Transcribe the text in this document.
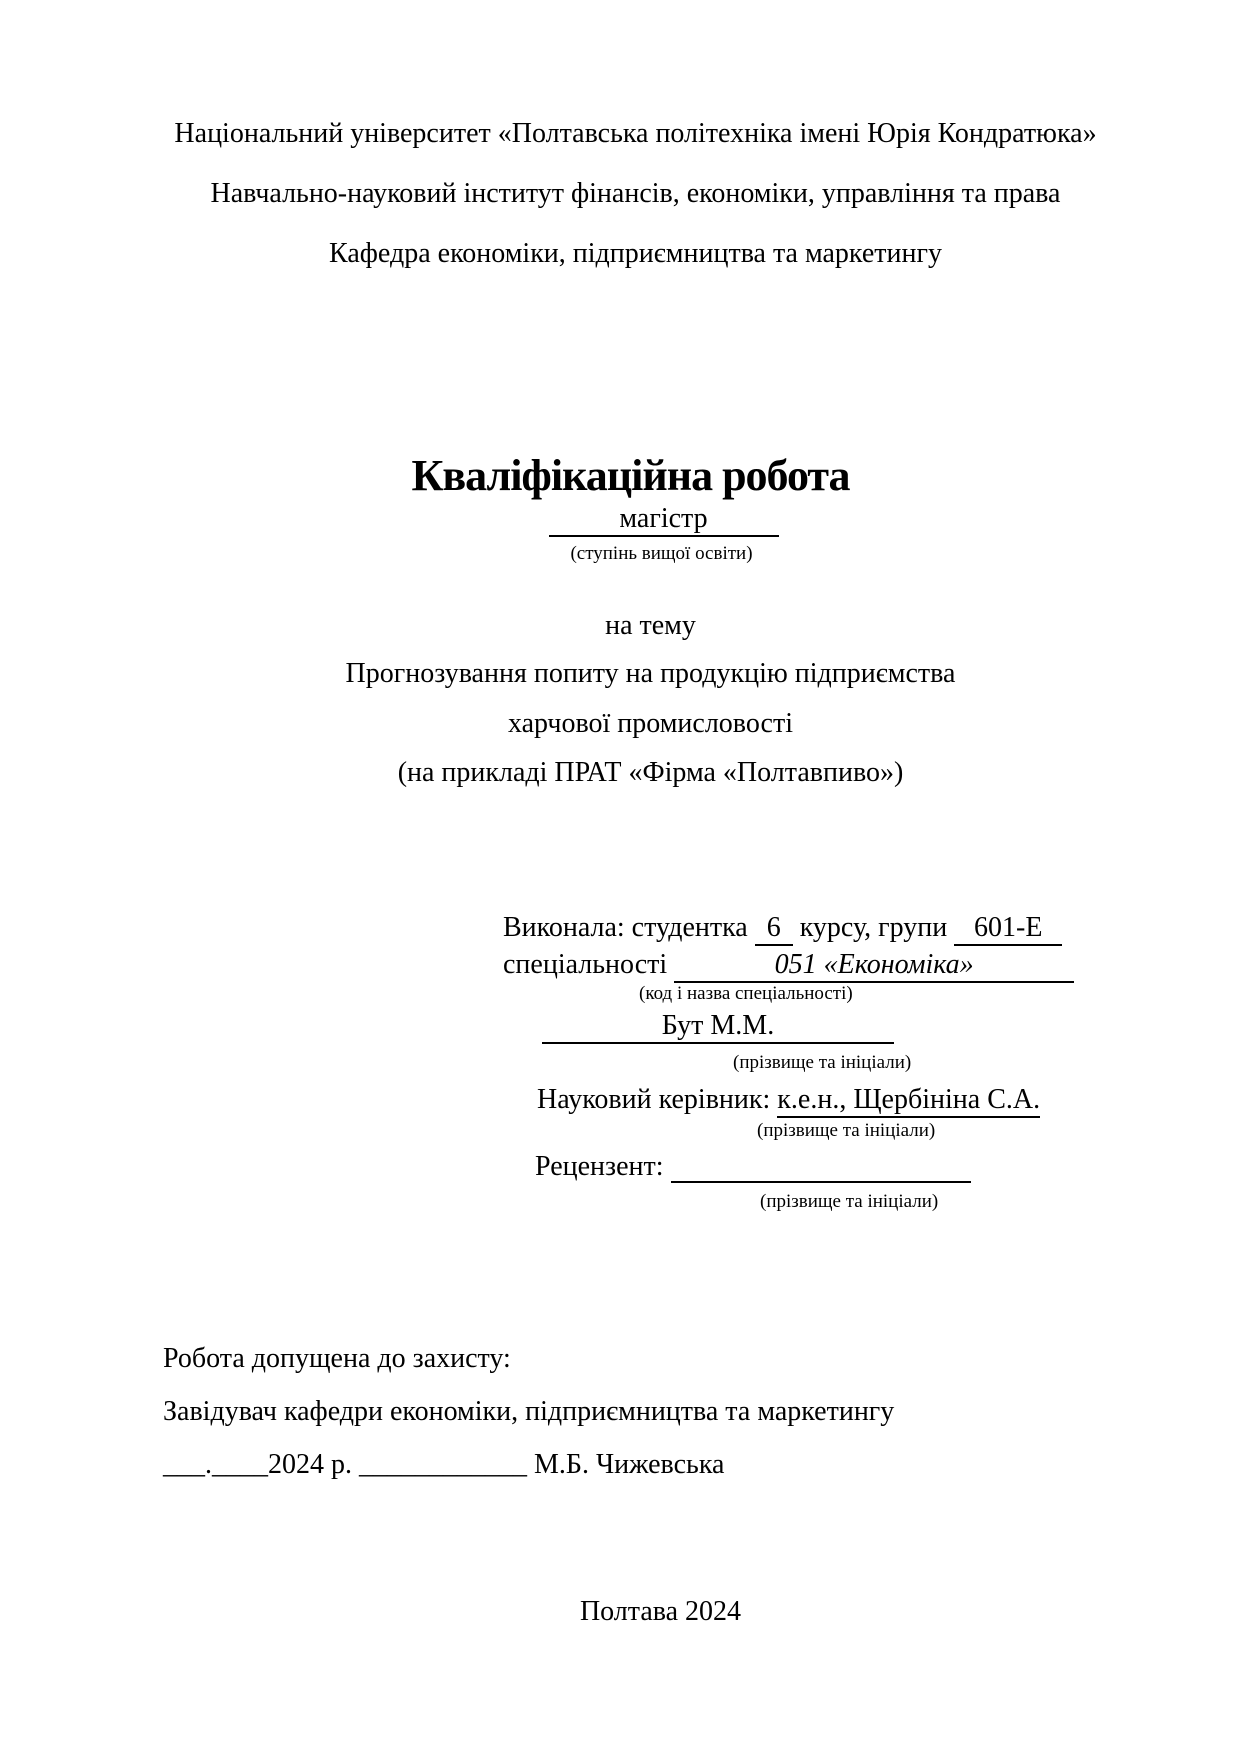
Національний університет «Полтавська політехніка імені Юрія Кондратюка»
Навчально-науковий інститут фінансів, економіки, управління та права
Кафедра економіки, підприємництва та маркетингу
Кваліфікаційна робота
магістр
(ступінь вищої освіти)
на тему
Прогнозування попиту на продукцію підприємства
харчової промисловості
(на прикладі ПРАТ «Фірма «Полтавпиво»)
Виконала: студентка 6 курсу, групи 601-Е
спеціальності	051 «Економіка»
(код і назва спеціальності)
Бут М.М.
(прізвище та ініціали)
Науковий керівник: к.е.н., Щербініна С.А.
(прізвище та ініціали)
Рецензент:
(прізвище та ініціали)
Робота допущена до захисту:
Завідувач кафедри економіки, підприємництва та маркетингу
___.____2024 р. ____________ М.Б. Чижевська
Полтава 2024
